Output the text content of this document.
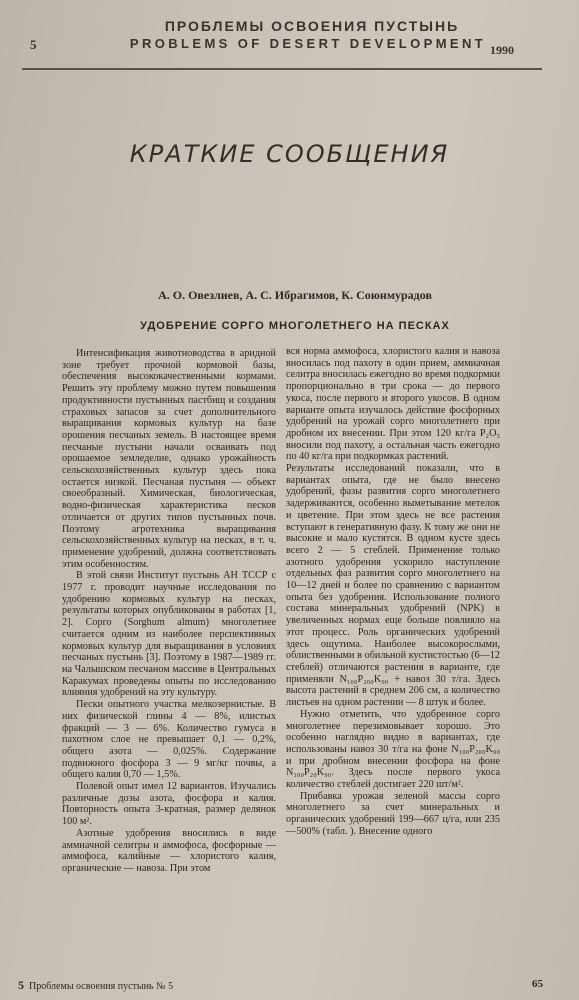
ПРОБЛЕМЫ ОСВОЕНИЯ ПУСТЫНЬ
PROBLEMS OF DESERT DEVELOPMENT
5	1990
КРАТКИЕ СООБЩЕНИЯ
А. О. Овезлиев, А. С. Ибрагимов, К. Союнмурадов
УДОБРЕНИЕ СОРГО МНОГОЛЕТНЕГО НА ПЕСКАХ

Интенсификация животноводства в аридной зоне требует прочной кормовой базы, обеспечения высококачественными кормами. Решить эту проблему можно путем повышения продуктивности пустынных пастбищ и создания страховых запасов за счет дополнительного выращивания кормовых культур на базе орошения песчаных земель. В настоящее время песчаные пустыни начали осваивать под орошаемое земледелие, однако урожайность сельскохозяйственных культур здесь пока остается низкой. Песчаная пустыня — объект своеобразный. Химическая, биологическая, водно-физическая характеристика песков отличается от других типов пустынных почв. Поэтому агротехника выращивания сельскохозяйственных культур на песках, в т. ч. применение удобрений, должна соответствовать этим особенностям.

В этой связи Институт пустынь АН ТССР с 1977 г. проводит научные исследования по удобрению кормовых культур на песках, результаты которых опубликованы в работах [1, 2]. Сорго (Sorghum almum) многолетнее считается одним из наиболее перспективных кормовых культур для выращивания в условиях песчаных пустынь [3]. Поэтому в 1987—1989 гг. на Чалышском песчаном массиве в Центральных Каракумах проведены опыты по исследованию влияния удобрений на эту культуру.

Пески опытного участка мелкозернистые. В них физической глины 4 — 8%, илистых фракций — 3 — 6%. Количество гумуса в пахотном слое не превышает 0,1 — 0,2%, общего азота — 0,025%. Содержание подвижного фосфора 3 — 9 мг/кг почвы, а общего калия 0,70 — 1,5%.

Полевой опыт имел 12 вариантов. Изучались различные дозы азота, фосфора и калия. Повторность опыта 3-кратная, размер делянок 100 м².

Азотные удобрения вносились в виде аммиачной селитры и аммофоса, фосфорные — аммофоса, калийные — хлористого калия, органические — навоза. При этом

вся норма аммофоса, хлористого калия и навоза вносилась под пахоту в один прием, аммиачная селитра вносилась ежегодно во время подкормки пропорционально в три срока — до первого укоса, после первого и второго укосов. В одном варианте опыта изучалось действие фосфорных удобрений на урожай сорго многолетнего при дробном их внесении. При этом 120 кг/га P₂O₅ вносили под пахоту, а остальная часть ежегодно по 40 кг/га при подкормках растений.

Результаты исследований показали, что в вариантах опыта, где не было внесено удобрений, фазы развития сорго многолетнего задерживаются, особенно выметывание метелок и цветение. При этом здесь не все растения вступают в генеративную фазу. К тому же они не высокие и мало кустятся. В одном кусте здесь всего 2 — 5 стеблей. Применение только азотного удобрения ускорило наступление отдельных фаз развития сорго многолетнего на 10—12 дней и более по сравнению с вариантом опыта без удобрения. Использование полного состава минеральных удобрений (NPK) в увеличенных нормах еще больше повлияло на этот процесс. Роль органических удобрений здесь ощутима. Наиболее высокорослыми, облиственными в обильной кустистостью (6—12 стеблей) отличаются растения в варианте, где применяли N₁₀₀P₂₀₀K₉₀ + навоз 30 т/га. Здесь высота растений в среднем 206 см, а количество листьев на одном растении — 8 штук и более.

Нужно отметить, что удобренное сорго многолетнее перезимовывает хорошо. Это особенно наглядно видно в вариантах, где использованы навоз 30 т/га на фоне N₁₀₀P₂₀₀K₉₀ и при дробном внесении фосфора на фоне N₁₀₀P₂₀K₉₀. Здесь после первого укоса количество стеблей достигает 220 шт/м².

Прибавка урожая зеленой массы сорго многолетнего за счет минеральных и органических удобрений 199—667 ц/га, или 235—500% (табл. ). Внесение одного

5 Проблемы освоения пустынь № 5	65
